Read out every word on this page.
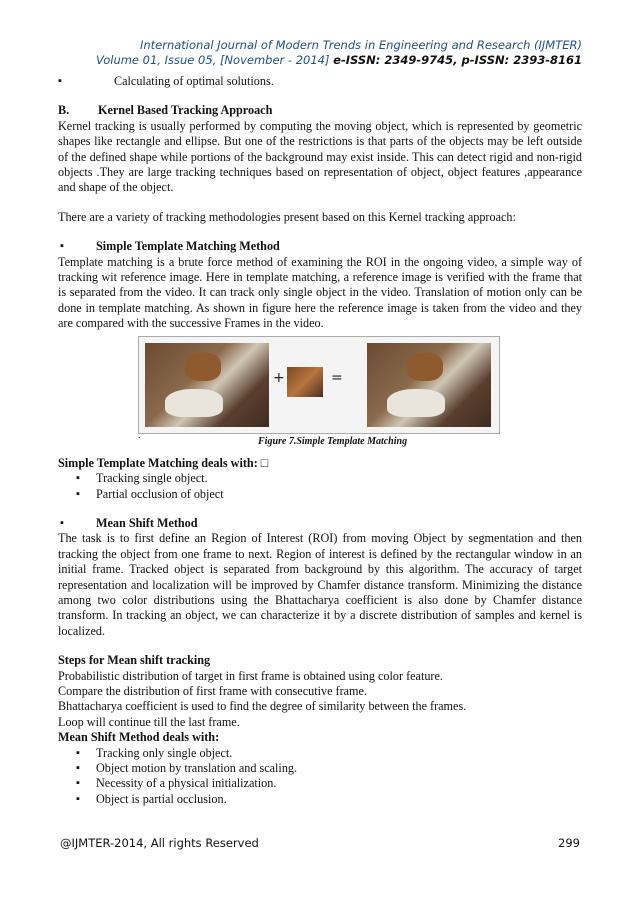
International Journal of Modern Trends in Engineering and Research (IJMTER)
Volume 01, Issue 05, [November - 2014] e-ISSN: 2349-9745, p-ISSN: 2393-8161

▪ Calculating of optimal solutions.

B. Kernel Based Tracking Approach

Kernel tracking is usually performed by computing the moving object, which is represented by geometric shapes like rectangle and ellipse. But one of the restrictions is that parts of the objects may be left outside of the defined shape while portions of the background may exist inside. This can detect rigid and non-rigid objects .They are large tracking techniques based on representation of object, object features ,appearance and shape of the object.

There are a variety of tracking methodologies present based on this Kernel tracking approach:

▪ Simple Template Matching Method

Template matching is a brute force method of examining the ROI in the ongoing video, a simple way of tracking wit reference image. Here in template matching, a reference image is verified with the frame that is separated from the video. It can track only single object in the video. Translation of motion only can be done in template matching. As shown in figure here the reference image is taken from the video and they are compared with the successive Frames in the video.

+	=
.
Figure 7.Simple Template Matching

Simple Template Matching deals with: □

▪ Tracking single object.

▪ Partial occlusion of object

▪ Mean Shift Method

The task is to first define an Region of Interest (ROI) from moving Object by segmentation and then tracking the object from one frame to next. Region of interest is defined by the rectangular window in an initial frame. Tracked object is separated from background by this algorithm. The accuracy of target representation and localization will be improved by Chamfer distance transform. Minimizing the distance among two color distributions using the Bhattacharya coefficient is also done by Chamfer distance transform. In tracking an object, we can characterize it by a discrete distribution of samples and kernel is localized.

Steps for Mean shift tracking

Probabilistic distribution of target in first frame is obtained using color feature.

Compare the distribution of first frame with consecutive frame.

Bhattacharya coefficient is used to find the degree of similarity between the frames.

Loop will continue till the last frame.

Mean Shift Method deals with:

▪ Tracking only single object.

▪ Object motion by translation and scaling.

▪ Necessity of a physical initialization.

▪ Object is partial occlusion.

@IJMTER-2014, All rights Reserved	299
